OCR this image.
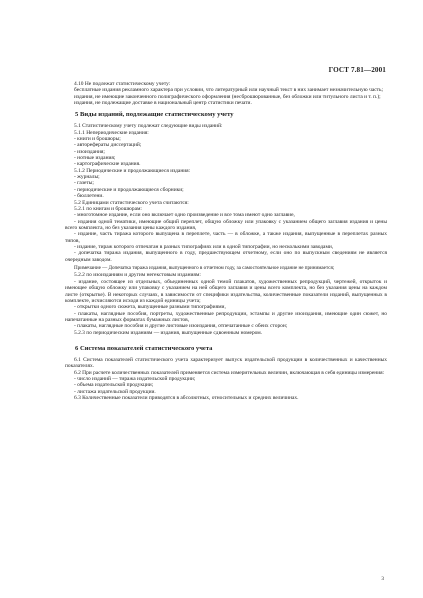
ГОСТ 7.81—2001

4.10 Не подлежат статистическому учету:

бесплатные издания рекламного характера при условии, что литературный или научный текст в них занимает незначительную часть;

издания, не имеющие законченного полиграфического оформления (несброшюрованные, без обложки или титульного листа и т. п.);

издания, не подлежащие доставке в национальный центр статистики печати.

5 Виды изданий, подлежащие статистическому учету

5.1 Статистическому учету подлежат следующие виды изданий:

5.1.1 Непериодические издания:

- книги и брошюры;

- авторефераты диссертаций;

- изоиздания;

- нотные издания;

- картографические издания.

5.1.2 Периодические и продолжающиеся издания:

- журналы;

- газеты;

- периодические и продолжающиеся сборники;

- бюллетени.

5.2 Единицами статистического учета считаются:

5.2.1 по книгам и брошюрам:

- многотомное издание, если оно включает одно произведение и все тома имеют одно заглавие,

- издания одной тематики, имеющие общий переплет, общую обложку или упаковку с указанием общего заглавия издания и цены всего комплекта, но без указания цены каждого издания,

- издание, часть тиража которого выпущена в переплете, часть — в обложке, а также издания, выпущенные в переплетах разных типов,

- издание, тираж которого отпечатан в разных типографиях или в одной типографии, но несколькими заводами,

- допечатка тиража издания, выпущенного в году, предшествующем отчетному, если оно по выпускным сведениям не является очередным заводом.

Примечание — Допечатка тиража издания, выпущенного в отчетном году, за самостоятельное издание не принимается;

5.2.2 по изоизданиям и другим негекстовым изданиям:

- издание, состоящее из отдельных, объединенных одной темой плакатов, художественных репродукций, чертежей, открыток и имеющее общую обложку или упаковку с указанием на ней общего заглавия и цены всего комплекта, но без указания цены на каждом листе (открытке). В некоторых случаях, в зависимости от специфики издательства, количественные показатели изданий, выпущенных в комплекте, исчисляются исходя из каждой единицы учета;

- открытки одного сюжета, выпущенные разными типографиями,

- плакаты, наглядные пособия, портреты, художественные репродукции, эстампы и другие изоиздания, имеющие один сюжет, но напечатанные на разных форматах бумажных листов,

- плакаты, наглядные пособия и другие листовые изоиздания, отпечатанные с обеих сторон;

5.2.3 по периодическим изданиям — издания, выпущенные сдвоенным номером.

6 Система показателей статистического учета

6.1 Система показателей статистического учета характеризует выпуск издательской продукции в количественных и качественных показателях.

6.2 При расчете количественных показателей применяется система измерительных величин, включающая в себя единицы измерения:

- число изданий — тиража издательской продукции;

- объема издательской продукции;

- листажа издательской продукции.

6.3 Количественные показатели приводятся в абсолютных, относительных и средних величинах.

3
